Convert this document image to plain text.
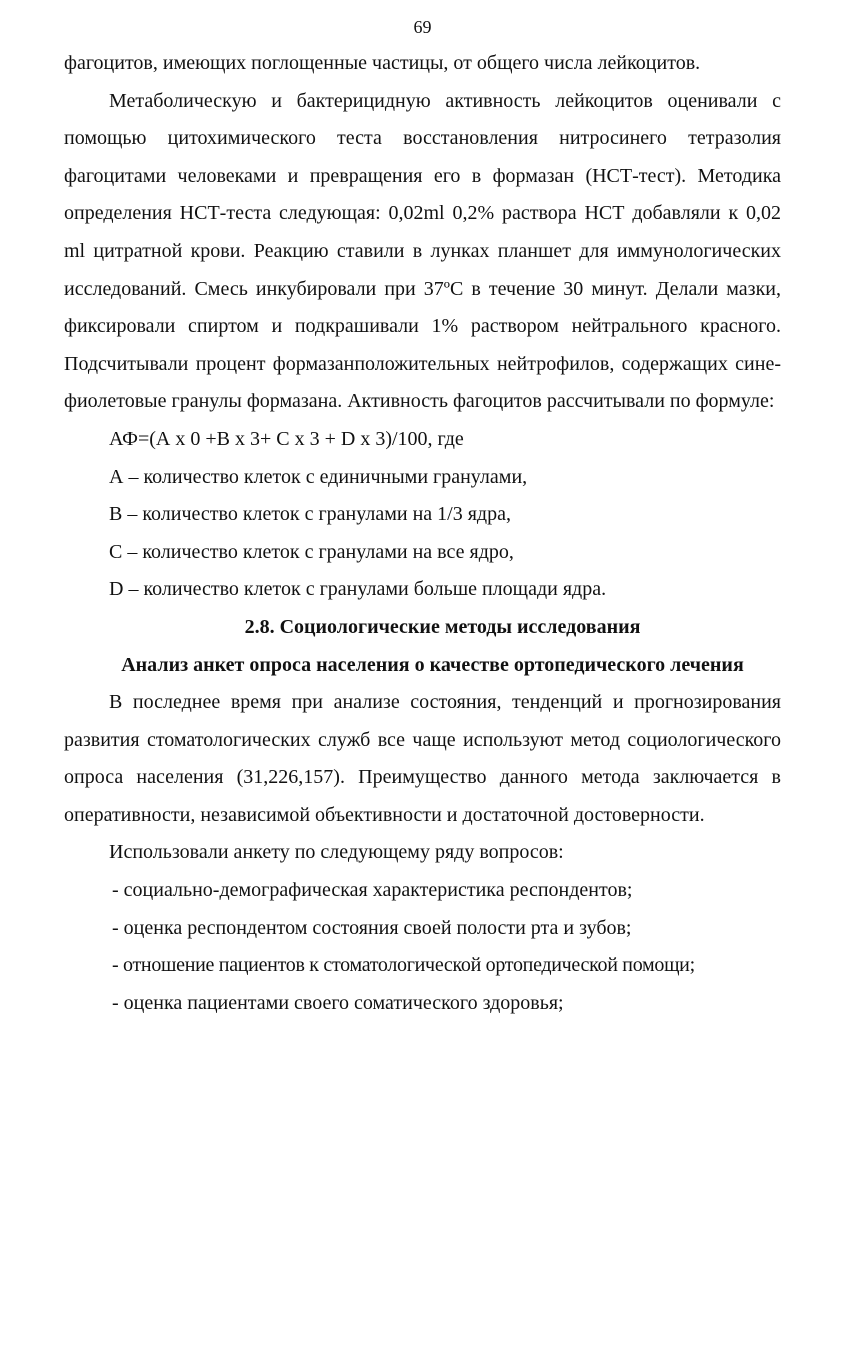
69

фагоцитов, имеющих поглощенные частицы, от общего числа лейкоцитов.

Метаболическую и бактерицидную активность лейкоцитов оценивали с помощью цитохимического теста восстановления нитросинего тетразолия фагоцитами человеками и превращения его в формазан (НСТ-тест). Методика определения НСТ-теста следующая: 0,02ml 0,2% раствора НСТ добавляли к 0,02 ml цитратной крови. Реакцию ставили в лунках планшет для иммунологических исследований. Смесь инкубировали при 37ºС в течение 30 минут. Делали мазки, фиксировали спиртом и подкрашивали 1% раствором нейтрального красного. Подсчитывали процент формазанположительных нейтрофилов, содержащих сине-фиолетовые гранулы формазана. Активность фагоцитов рассчитывали по формуле:

АФ=(А х 0 +В х 3+ С х 3 + D х 3)/100, где
А – количество клеток с единичными гранулами,
В – количество клеток с гранулами на 1/3 ядра,
С – количество клеток с гранулами на все ядро,
D – количество клеток с гранулами больше площади ядра.
2.8. Социологические методы исследования
Анализ анкет опроса населения о качестве ортопедического лечения

В последнее время при анализе состояния, тенденций и прогнозирования развития стоматологических служб все чаще используют метод социологического опроса населения (31,226,157). Преимущество данного метода заключается в оперативности, независимой объективности и достаточной достоверности.

Использовали анкету по следующему ряду вопросов:
- социально-демографическая характеристика респондентов;
- оценка респондентом состояния своей полости рта и зубов;
- отношение пациентов к стоматологической ортопедической помощи;
- оценка пациентами своего соматического здоровья;
